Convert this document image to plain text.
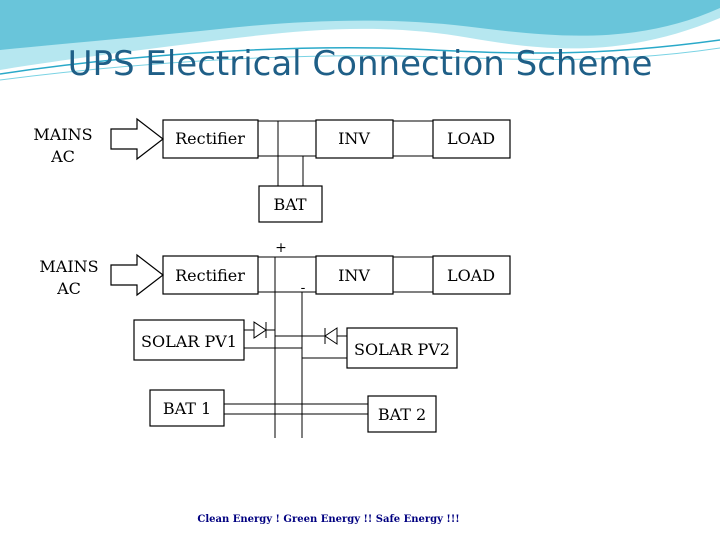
UPS Electrical Connection Scheme
MAINS
AC
Rectifier	INV	LOAD
BAT
MAINS
AC
Rectifier	INV	LOAD
+
-
SOLAR PV1	SOLAR PV2
BAT 1	BAT 2
Clean Energy ! Green Energy !! Safe Energy !!!
